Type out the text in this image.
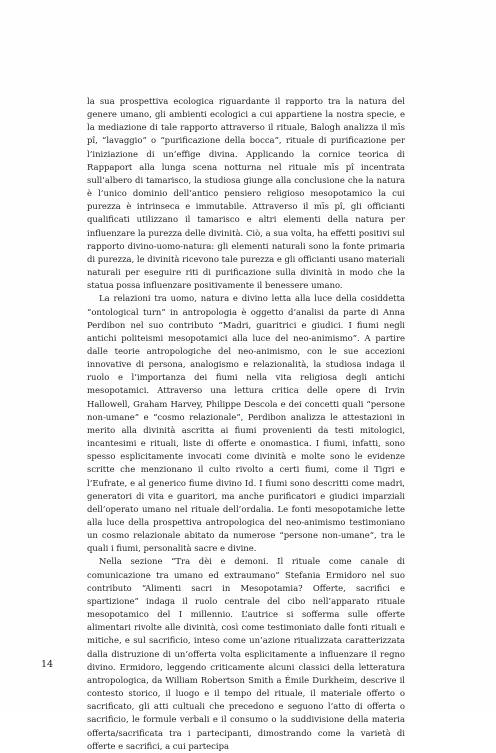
la sua prospettiva ecologica riguardante il rapporto tra la natura del genere umano, gli ambienti ecologici a cui appartiene la nostra specie, e la mediazione di tale rapporto attraverso il rituale, Balogh analizza il mīs pî, “lavaggio” o “purificazione della bocca”, rituale di purificazione per l’iniziazione di un’effige divina. Applicando la cornice teorica di Rappaport alla lunga scena notturna nel rituale mīs pî incentrata sull’albero di tamarisco, la studiosa giunge alla conclusione che la natura è l’unico dominio dell’antico pensiero religioso mesopotamico la cui purezza è intrinseca e immutabile. Attraverso il mīs pî, gli officianti qualificati utilizzano il tamarisco e altri elementi della natura per influenzare la purezza delle divinità. Ciò, a sua volta, ha effetti positivi sul rapporto divino-uomo-natura: gli elementi naturali sono la fonte primaria di purezza, le divinità ricevono tale purezza e gli officianti usano materiali naturali per eseguire riti di purificazione sulla divinità in modo che la statua possa influenzare positivamente il benessere umano.

La relazioni tra uomo, natura e divino letta alla luce della cosiddetta “ontological turn” in antropologia è oggetto d’analisi da parte di Anna Perdibon nel suo contributo “Madri, guaritrici e giudici. I fiumi negli antichi politeismi mesopotamici alla luce del neo-animismo”. A partire dalle teorie antropologiche del neo-animismo, con le sue accezioni innovative di persona, analogismo e relazionalità, la studiosa indaga il ruolo e l’importanza dei fiumi nella vita religiosa degli antichi mesopotamici. Attraverso una lettura critica delle opere di Irvin Hallowell, Graham Harvey, Philippe Descola e dei concetti quali “persone non-umane” e “cosmo relazionale”, Perdibon analizza le attestazioni in merito alla divinità ascritta ai fiumi provenienti da testi mitologici, incantesimi e rituali, liste di offerte e onomastica. I fiumi, infatti, sono spesso esplicitamente invocati come divinità e molte sono le evidenze scritte che menzionano il culto rivolto a certi fiumi, come il Tigri e l’Eufrate, e al generico fiume divino Id. I fiumi sono descritti come madri, generatori di vita e guaritori, ma anche purificatori e giudici imparziali dell’operato umano nel rituale dell’ordalia. Le fonti mesopotamiche lette alla luce della prospettiva antropologica del neo-animismo testimoniano un cosmo relazionale abitato da numerose “persone non-umane”, tra le quali i fiumi, personalità sacre e divine.

Nella sezione “Tra dèi e demoni. Il rituale come canale di comunicazione tra umano ed extraumano” Stefania Ermidoro nel suo contributo “Alimenti sacri in Mesopotamia? Offerte, sacrifici e spartizione” indaga il ruolo centrale del cibo nell’apparato rituale mesopotamico del I millennio. L’autrice si sofferma sulle offerte alimentari rivolte alle divinità, così come testimoniato dalle fonti rituali e mitiche, e sul sacrificio, inteso come un’azione ritualizzata caratterizzata dalla distruzione di un’offerta volta esplicitamente a influenzare il regno divino. Ermidoro, leggendo criticamente alcuni classici della letteratura antropologica, da William Robertson Smith a Émile Durkheim, descrive il contesto storico, il luogo e il tempo del rituale, il materiale offerto o sacrificato, gli atti cultuali che precedono e seguono l’atto di offerta o sacrificio, le formule verbali e il consumo o la suddivisione della materia offerta/sacrificata tra i partecipanti, dimostrando come la varietà di offerte e sacrifici, a cui partecipa

14
